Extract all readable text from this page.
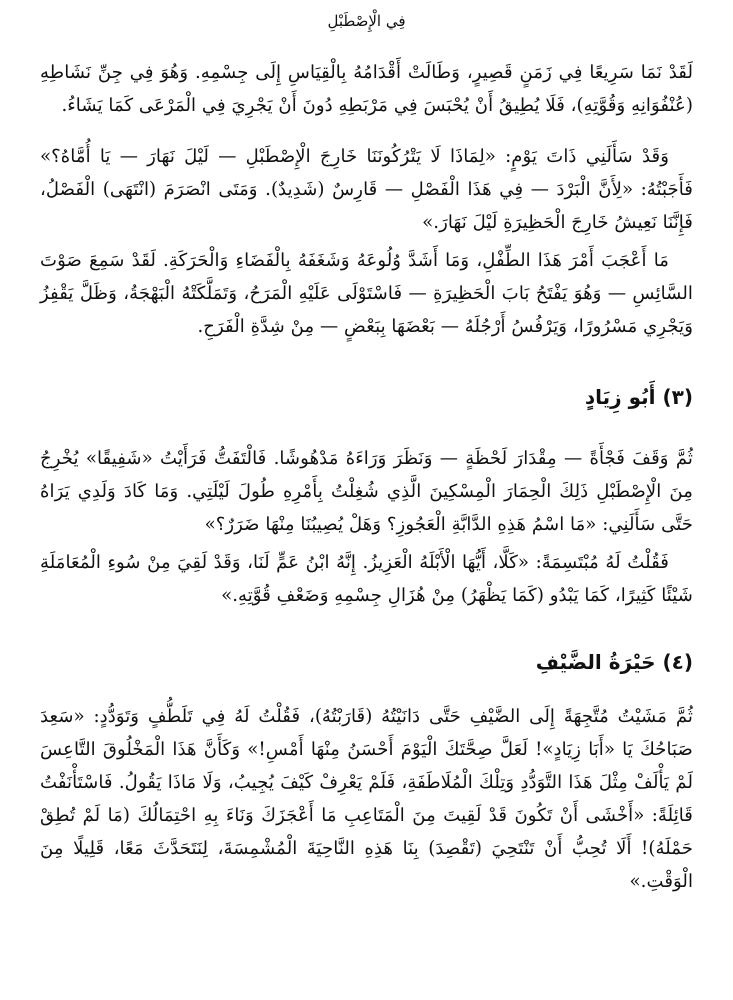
فِي الْإِصْطَبْلِ

لَقَدْ نَمَا سَرِيعًا فِي زَمَنٍ قَصِيرٍ، وَطَالَتْ أَقْدَامُهُ بِالْقِيَاسِ إِلَى جِسْمِهِ. وَهُوَ فِي جِنِّ نَشَاطِهِ (عُنْفُوَانِهِ وَقُوَّتِهِ)، فَلَا يُطِيقُ أَنْ يُحْبَسَ فِي مَرْبَطِهِ دُونَ أَنْ يَجْرِيَ فِي الْمَرْعَى كَمَا يَشَاءُ.

وَقَدْ سَأَلَنِي ذَاتَ يَوْمٍ: «لِمَاذَا لَا يَتْرُكُونَنَا خَارِجَ الْإِصْطَبْلِ — لَيْلَ نَهَارَ — يَا أُمَّاهُ؟» فَأَجَبْتُهُ: «لِأَنَّ الْبَرْدَ — فِي هَذَا الْفَصْلِ — قَارِسٌ (شَدِيدٌ). وَمَتَى انْصَرَمَ (انْتَهَى) الْفَصْلُ، فَإِنَّنَا نَعِيشُ خَارِجَ الْحَظِيرَةِ لَيْلَ نَهَارَ.»

مَا أَعْجَبَ أَمْرَ هَذَا الطِّفْلِ، وَمَا أَشَدَّ وُلُوعَهُ وَشَغَفَهُ بِالْفَضَاءِ وَالْحَرَكَةِ. لَقَدْ سَمِعَ صَوْتَ السَّائِسِ — وَهُوَ يَفْتَحُ بَابَ الْحَظِيرَةِ — فَاسْتَوْلَى عَلَيْهِ الْمَرَحُ، وَتَمَلَّكَتْهُ الْبَهْجَةُ، وَظَلَّ يَقْفِزُ وَيَجْرِي مَسْرُورًا، وَيَرْفُسُ أَرْجُلَهُ — بَعْضَهَا بِبَعْضٍ — مِنْ شِدَّةِ الْفَرَحِ.

(٣) أَبُو زِيَادٍ

ثُمَّ وَقَفَ فَجْأَةً — مِقْدَارَ لَحْظَةٍ — وَنَظَرَ وَرَاءَهُ مَدْهُوشًا. فَالْتَفَتُّ فَرَأَيْتُ «شَفِيقًا» يُخْرِجُ مِنَ الْإِصْطَبْلِ ذَلِكَ الْحِمَارَ الْمِسْكِينَ الَّذِي شُغِلْتُ بِأَمْرِهِ طُولَ لَيْلَتِي. وَمَا كَادَ وَلَدِي يَرَاهُ حَتَّى سَأَلَنِي: «مَا اسْمُ هَذِهِ الدَّابَّةِ الْعَجُوزِ؟ وَهَلْ يُصِيبُنَا مِنْهَا ضَرَرٌ؟»

فَقُلْتُ لَهُ مُبْتَسِمَةً: «كَلَّا، أَيُّهَا الْأَبْلَهُ الْعَزِيزُ. إِنَّهُ ابْنُ عَمٍّ لَنَا، وَقَدْ لَقِيَ مِنْ سُوءِ الْمُعَامَلَةِ شَيْئًا كَثِيرًا، كَمَا يَبْدُو (كَمَا يَظْهَرُ) مِنْ هُزَالِ جِسْمِهِ وَضَعْفِ قُوَّتِهِ.»

(٤) حَيْرَةُ الضَّيْفِ

ثُمَّ مَشَيْتُ مُتَّجِهَةً إِلَى الضَّيْفِ حَتَّى دَانَيْتُهُ (قَارَبْتُهُ)، فَقُلْتُ لَهُ فِي تَلَطُّفٍ وَتَوَدُّدٍ: «سَعِدَ صَبَاحُكَ يَا «أَبَا زِيَادٍ»! لَعَلَّ صِحَّتَكَ الْيَوْمَ أَحْسَنُ مِنْهَا أَمْسِ!» وَكَأَنَّ هَذَا الْمَخْلُوقَ التَّاعِسَ لَمْ يَأْلَفْ مِثْلَ هَذَا التَّوَدُّدِ وَتِلْكَ الْمُلَاطَفَةِ، فَلَمْ يَعْرِفْ كَيْفَ يُجِيبُ، وَلَا مَاذَا يَقُولُ. فَاسْتَأْنَفْتُ قَائِلَةً: «أَخْشَى أَنْ تَكُونَ قَدْ لَقِيتَ مِنَ الْمَتَاعِبِ مَا أَعْجَزَكَ وَنَاءَ بِهِ احْتِمَالُكَ (مَا لَمْ تُطِقْ حَمْلَهُ)! أَلَا تُحِبُّ أَنْ تَنْتَحِيَ (تَقْصِدَ) بِنَا هَذِهِ النَّاحِيَةَ الْمُشْمِسَةَ، لِنَتَحَدَّثَ مَعًا، قَلِيلًا مِنَ الْوَقْتِ.»
